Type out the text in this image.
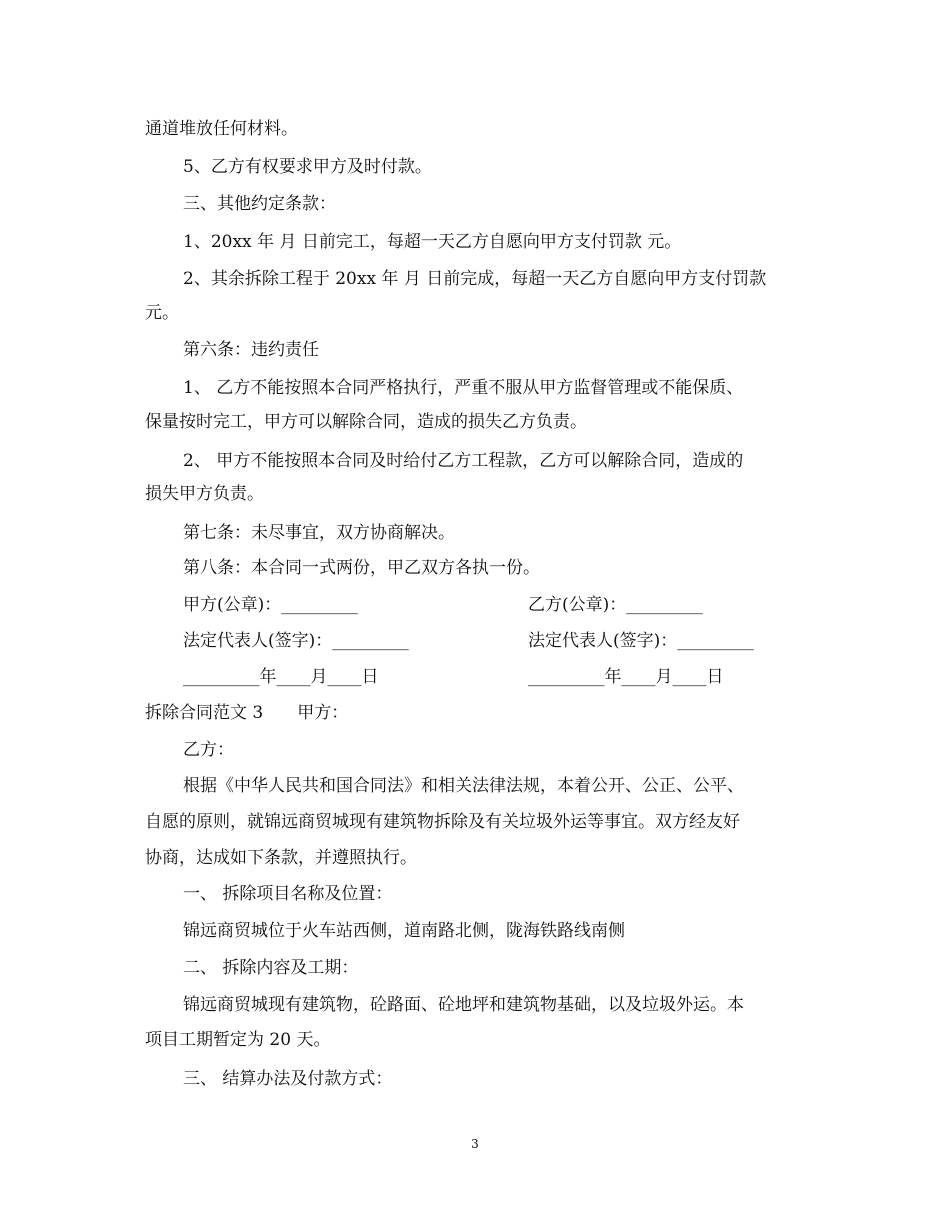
通道堆放任何材料。
5、乙方有权要求甲方及时付款。
三、其他约定条款：
1、20xx 年 月 日前完工，每超一天乙方自愿向甲方支付罚款 元。
2、其余拆除工程于 20xx 年 月 日前完成，每超一天乙方自愿向甲方支付罚款
元。
第六条：违约责任
1、 乙方不能按照本合同严格执行，严重不服从甲方监督管理或不能保质、
保量按时完工，甲方可以解除合同，造成的损失乙方负责。
2、 甲方不能按照本合同及时给付乙方工程款，乙方可以解除合同，造成的
损失甲方负责。
第七条：未尽事宜，双方协商解决。
第八条：本合同一式两份，甲乙双方各执一份。
甲方(公章)：_________	乙方(公章)：_________
法定代表人(签字)：_________	法定代表人(签字)：_________
_________年____月____日	_________年____月____日
拆除合同范文 3　　甲方：
乙方：
根据《中华人民共和国合同法》和相关法律法规，本着公开、公正、公平、
自愿的原则，就锦远商贸城现有建筑物拆除及有关垃圾外运等事宜。双方经友好
协商，达成如下条款，并遵照执行。
一、 拆除项目名称及位置：
锦远商贸城位于火车站西侧，道南路北侧，陇海铁路线南侧
二、 拆除内容及工期：
锦远商贸城现有建筑物，砼路面、砼地坪和建筑物基础，以及垃圾外运。本
项目工期暂定为 20 天。
三、 结算办法及付款方式：
3
